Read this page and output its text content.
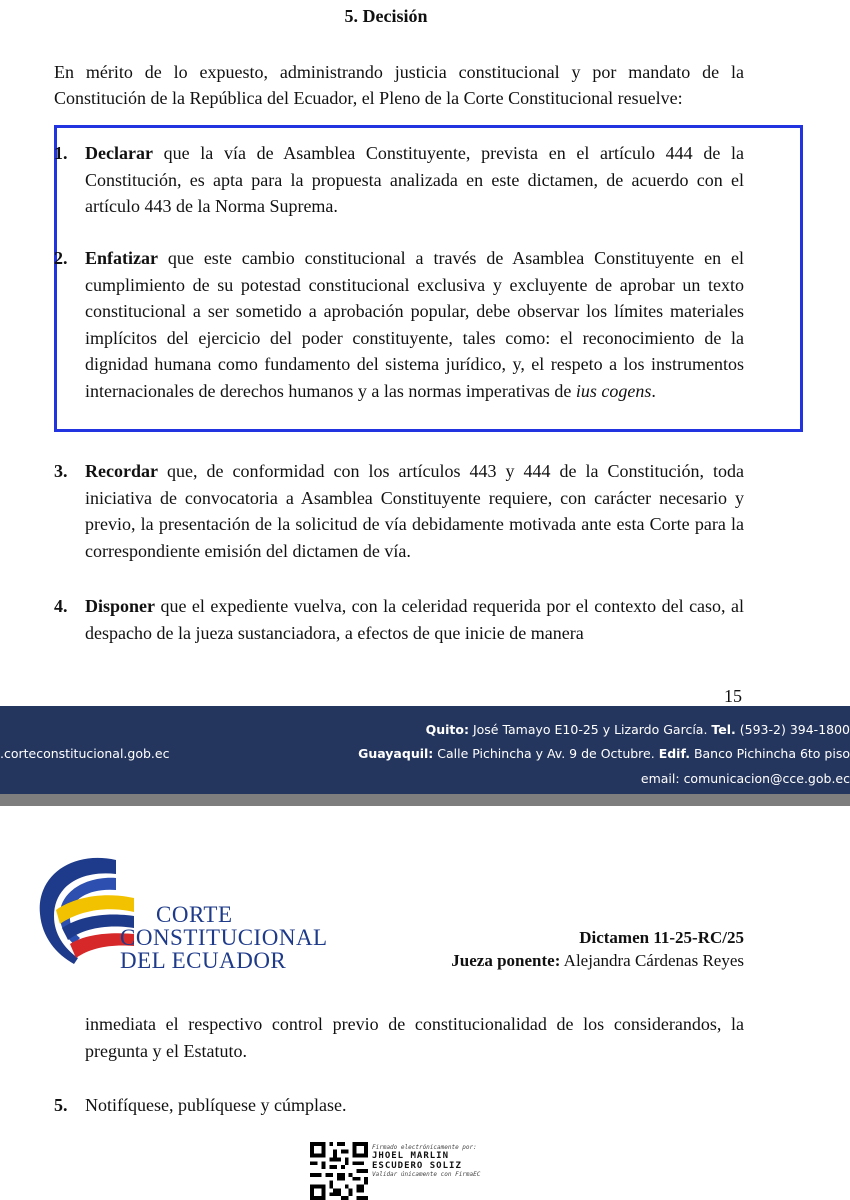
5. Decisión
En mérito de lo expuesto, administrando justicia constitucional y por mandato de la Constitución de la República del Ecuador, el Pleno de la Corte Constitucional resuelve:
1. Declarar que la vía de Asamblea Constituyente, prevista en el artículo 444 de la Constitución, es apta para la propuesta analizada en este dictamen, de acuerdo con el artículo 443 de la Norma Suprema.
2. Enfatizar que este cambio constitucional a través de Asamblea Constituyente en el cumplimiento de su potestad constitucional exclusiva y excluyente de aprobar un texto constitucional a ser sometido a aprobación popular, debe observar los límites materiales implícitos del ejercicio del poder constituyente, tales como: el reconocimiento de la dignidad humana como fundamento del sistema jurídico, y, el respeto a los instrumentos internacionales de derechos humanos y a las normas imperativas de ius cogens.
3. Recordar que, de conformidad con los artículos 443 y 444 de la Constitución, toda iniciativa de convocatoria a Asamblea Constituyente requiere, con carácter necesario y previo, la presentación de la solicitud de vía debidamente motivada ante esta Corte para la correspondiente emisión del dictamen de vía.
4. Disponer que el expediente vuelva, con la celeridad requerida por el contexto del caso, al despacho de la jueza sustanciadora, a efectos de que inicie de manera
15
Quito: José Tamayo E10-25 y Lizardo García. Tel. (593-2) 394-1800
.corteconstitucional.gob.ec	Guayaquil: Calle Pichincha y Av. 9 de Octubre. Edif. Banco Pichincha 6to piso
email: comunicacion@cce.gob.ec
CORTE
CONSTITUCIONAL
DEL ECUADOR
Dictamen 11-25-RC/25
Jueza ponente: Alejandra Cárdenas Reyes
inmediata el respectivo control previo de constitucionalidad de los considerandos, la pregunta y el Estatuto.
5. Notifíquese, publíquese y cúmplase.
Firmado electrónicamente por:
JHOEL MARLIN
ESCUDERO SOLIZ
Validar únicamente con FirmaEC
